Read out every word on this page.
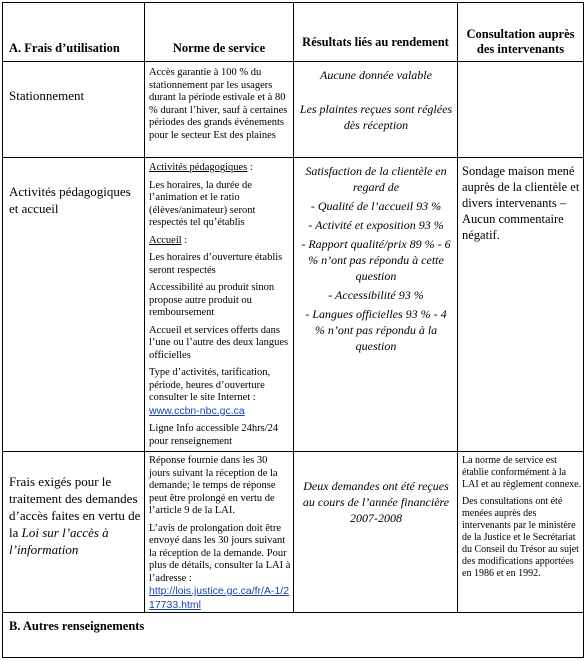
A. Frais d’utilisation	Norme de service	Résultats liés au rendement
Consultation auprès des intervenants
Stationnement
Accès garantie à 100 % du stationnement par les usagers durant la période estivale et à 80 % durant l’hiver, sauf à certaines périodes des grands événements pour le secteur Est des plaines

Aucune donnée valable

Les plaintes reçues sont réglées dès réception

Activités pédagogiques et accueil

Activités pédagogiques :

Les horaires, la durée de l’animation et le ratio (élèves/animateur) seront respectés tel qu’établis

Accueil :

Les horaires d’ouverture établis seront respectés

Accessibilité au produit sinon propose autre produit ou remboursement

Accueil et services offerts dans l’une ou l’autre des deux langues officielles

Type d’activités, tarification, période, heures d’ouverture consulter le site Internet :

www.ccbn-nbc.gc.ca

Ligne Info accessible 24hrs/24 pour renseignement

Satisfaction de la clientèle en regard de

- Qualité de l’accueil 93 %

- Activité et exposition 93 %

- Rapport qualité/prix 89 % - 6 % n’ont pas répondu à cette question

- Accessibilité 93 %

- Langues officielles 93 % - 4 % n’ont pas répondu à la question

Sondage maison mené auprès de la clientèle et divers intervenants – Aucun commentaire négatif.
Frais exigés pour le traitement des demandes d’accès faites en vertu de la Loi sur l’accès à l’information

Réponse fournie dans les 30 jours suivant la réception de la demande; le temps de réponse peut être prolongé en vertu de l’article 9 de la LAI.

L’avis de prolongation doit être envoyé dans les 30 jours suivant la réception de la demande. Pour plus de détails, consulter la LAI à l’adresse :

http://lois.justice.gc.ca/fr/A-1/217733.html

Deux demandes ont été reçues au cours de l’année financière 2007-2008

La norme de service est établie conformément à la LAI et au règlement connexe.

Des consultations ont été menées auprès des intervenants par le ministère de la Justice et le Secrétariat du Conseil du Trésor au sujet des modifications apportées en 1986 et en 1992.

B. Autres renseignements
